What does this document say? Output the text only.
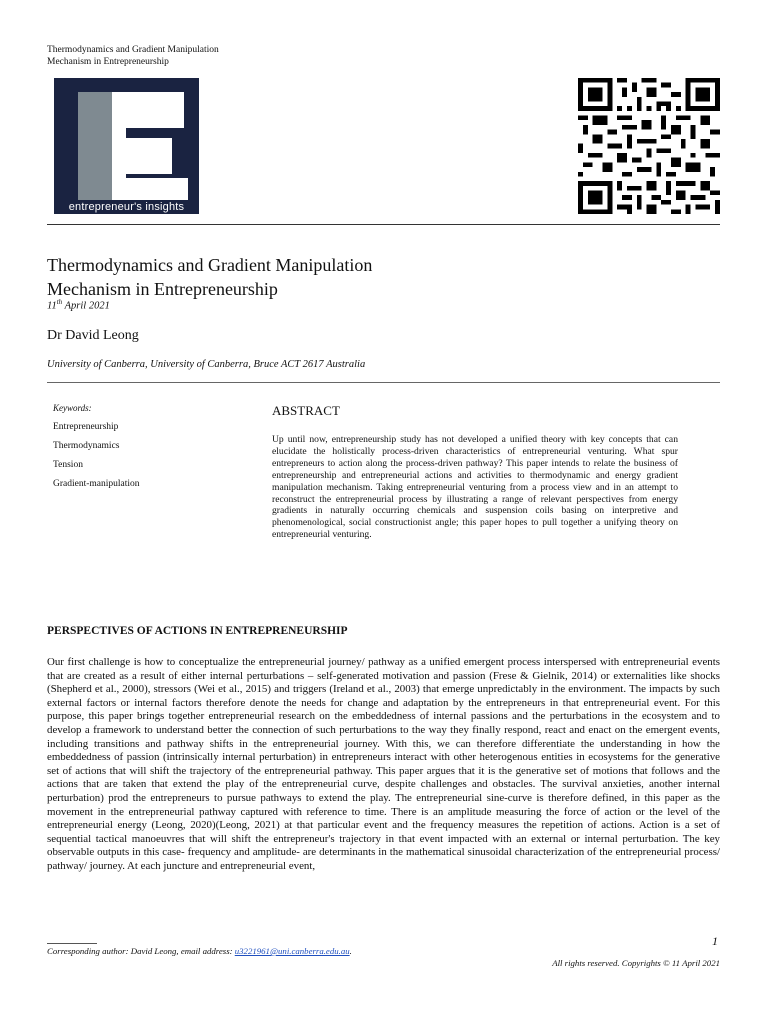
Thermodynamics and Gradient Manipulation
Mechanism in Entrepreneurship
entrepreneur's insights
Thermodynamics and Gradient Manipulation
Mechanism in Entrepreneurship
11th April 2021
Dr David Leong
University of Canberra, University of Canberra, Bruce ACT 2617 Australia
Keywords:
Entrepreneurship
Thermodynamics
Tension
Gradient-manipulation
ABSTRACT
Up until now, entrepreneurship study has not developed a unified theory with key concepts that can elucidate the holistically process-driven characteristics of entrepreneurial venturing. What spur entrepreneurs to action along the process-driven pathway? This paper intends to relate the business of entrepreneurship and entrepreneurial actions and activities to thermodynamic and energy gradient manipulation mechanism. Taking entrepreneurial venturing from a process view and in an attempt to reconstruct the entrepreneurial process by illustrating a range of relevant perspectives from energy gradients in naturally occurring chemicals and suspension coils basing on interpretive and phenomenological, social constructionist angle; this paper hopes to pull together a unifying theory on entrepreneurial venturing.
PERSPECTIVES OF ACTIONS IN ENTREPRENEURSHIP
Our first challenge is how to conceptualize the entrepreneurial journey/ pathway as a unified emergent process interspersed with entrepreneurial events that are created as a result of either internal perturbations – self-generated motivation and passion (Frese & Gielnik, 2014) or externalities like shocks (Shepherd et al., 2000), stressors (Wei et al., 2015) and triggers (Ireland et al., 2003) that emerge unpredictably in the environment. The impacts by such external factors or internal factors therefore denote the needs for change and adaptation by the entrepreneurs in that entrepreneurial event. For this purpose, this paper brings together entrepreneurial research on the embeddedness of internal passions and the perturbations in the ecosystem and to develop a framework to understand better the connection of such perturbations to the way they finally respond, react and enact on the emergent events, including transitions and pathway shifts in the entrepreneurial journey. With this, we can therefore differentiate the understanding in how the embeddedness of passion (intrinsically internal perturbation) in entrepreneurs interact with other heterogenous entities in ecosystems for the generative set of actions that will shift the trajectory of the entrepreneurial pathway. This paper argues that it is the generative set of motions that follows and the actions that are taken that extend the play of the entrepreneurial curve, despite challenges and obstacles. The survival anxieties, another internal perturbation) prod the entrepreneurs to pursue pathways to extend the play. The entrepreneurial sine-curve is therefore defined, in this paper as the movement in the entrepreneurial pathway captured with reference to time. There is an amplitude measuring the force of action or the level of the entrepreneurial energy (Leong, 2020)(Leong, 2021) at that particular event and the frequency measures the repetition of actions. Action is a set of sequential tactical manoeuvres that will shift the entrepreneur's trajectory in that event impacted with an external or internal perturbation. The key observable outputs in this case- frequency and amplitude- are determinants in the mathematical sinusoidal characterization of the entrepreneurial process/ pathway/ journey. At each juncture and entrepreneurial event,
1
Corresponding author: David Leong, email address: u3221961@uni.canberra.edu.au.
All rights reserved. Copyrights © 11 April 2021
